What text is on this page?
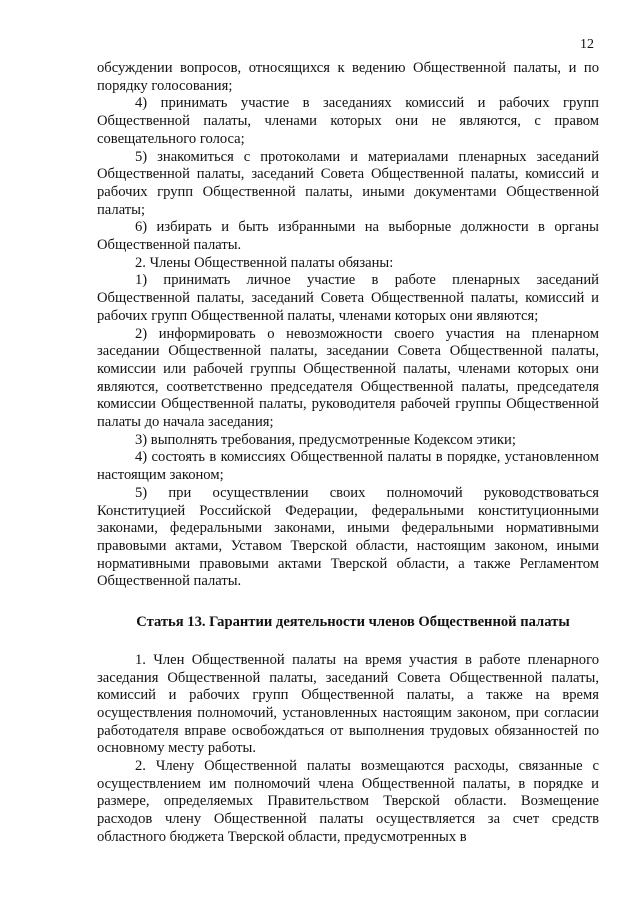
12

обсуждении вопросов, относящихся к ведению Общественной палаты, и по порядку голосования;

4) принимать участие в заседаниях комиссий и рабочих групп Общественной палаты, членами которых они не являются, с правом совещательного голоса;

5) знакомиться с протоколами и материалами пленарных заседаний Общественной палаты, заседаний Совета Общественной палаты, комиссий и рабочих групп Общественной палаты, иными документами Общественной палаты;

6) избирать и быть избранными на выборные должности в органы Общественной палаты.

2. Члены Общественной палаты обязаны:

1) принимать личное участие в работе пленарных заседаний Общественной палаты, заседаний Совета Общественной палаты, комиссий и рабочих групп Общественной палаты, членами которых они являются;

2) информировать о невозможности своего участия на пленарном заседании Общественной палаты, заседании Совета Общественной палаты, комиссии или рабочей группы Общественной палаты, членами которых они являются, соответственно председателя Общественной палаты, председателя комиссии Общественной палаты, руководителя рабочей группы Общественной палаты до начала заседания;

3) выполнять требования, предусмотренные Кодексом этики;

4) состоять в комиссиях Общественной палаты в порядке, установленном настоящим законом;

5) при осуществлении своих полномочий руководствоваться Конституцией Российской Федерации, федеральными конституционными законами, федеральными законами, иными федеральными нормативными правовыми актами, Уставом Тверской области, настоящим законом, иными нормативными правовыми актами Тверской области, а также Регламентом Общественной палаты.

Статья 13. Гарантии деятельности членов Общественной палаты

1. Член Общественной палаты на время участия в работе пленарного заседания Общественной палаты, заседаний Совета Общественной палаты, комиссий и рабочих групп Общественной палаты, а также на время осуществления полномочий, установленных настоящим законом, при согласии работодателя вправе освобождаться от выполнения трудовых обязанностей по основному месту работы.

2. Члену Общественной палаты возмещаются расходы, связанные с осуществлением им полномочий члена Общественной палаты, в порядке и размере, определяемых Правительством Тверской области. Возмещение расходов члену Общественной палаты осуществляется за счет средств областного бюджета Тверской области, предусмотренных в
